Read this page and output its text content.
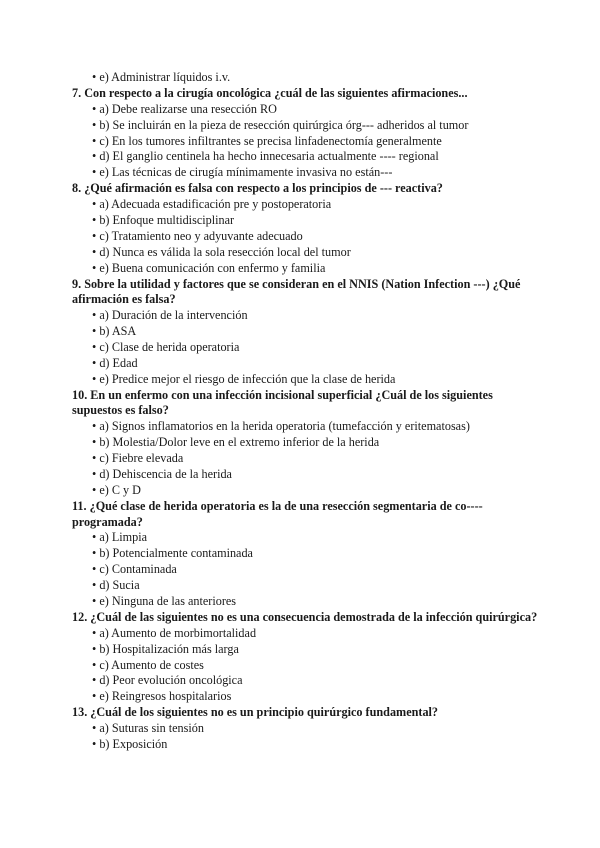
• e) Administrar líquidos i.v.

7. Con respecto a la cirugía oncológica ¿cuál de las siguientes afirmaciones...

• a) Debe realizarse una resección RO
• b) Se incluirán en la pieza de resección quirúrgica órg--- adheridos al tumor
• c) En los tumores infiltrantes se precisa linfadenectomía generalmente
• d) El ganglio centinela ha hecho innecesaria actualmente ---- regional
• e) Las técnicas de cirugía mínimamente invasiva no están---

8. ¿Qué afirmación es falsa con respecto a los principios de --- reactiva?

• a) Adecuada estadificación pre y postoperatoria
• b) Enfoque multidisciplinar
• c) Tratamiento neo y adyuvante adecuado
• d) Nunca es válida la sola resección local del tumor
• e) Buena comunicación con enfermo y familia

9. Sobre la utilidad y factores que se consideran en el NNIS (Nation Infection ---) ¿Qué afirmación es falsa?

• a) Duración de la intervención
• b) ASA
• c) Clase de herida operatoria
• d) Edad
• e) Predice mejor el riesgo de infección que la clase de herida

10. En un enfermo con una infección incisional superficial ¿Cuál de los siguientes supuestos es falso?

• a) Signos inflamatorios en la herida operatoria (tumefacción y eritematosas)
• b) Molestia/Dolor leve en el extremo inferior de la herida
• c) Fiebre elevada
• d) Dehiscencia de la herida
• e) C y D

11. ¿Qué clase de herida operatoria es la de una resección segmentaria de co---- programada?

• a) Limpia
• b) Potencialmente contaminada
• c) Contaminada
• d) Sucia
• e) Ninguna de las anteriores

12. ¿Cuál de las siguientes no es una consecuencia demostrada de la infección quirúrgica?

• a) Aumento de morbimortalidad
• b) Hospitalización más larga
• c) Aumento de costes
• d) Peor evolución oncológica
• e) Reingresos hospitalarios

13. ¿Cuál de los siguientes no es un principio quirúrgico fundamental?

• a) Suturas sin tensión
• b) Exposición
